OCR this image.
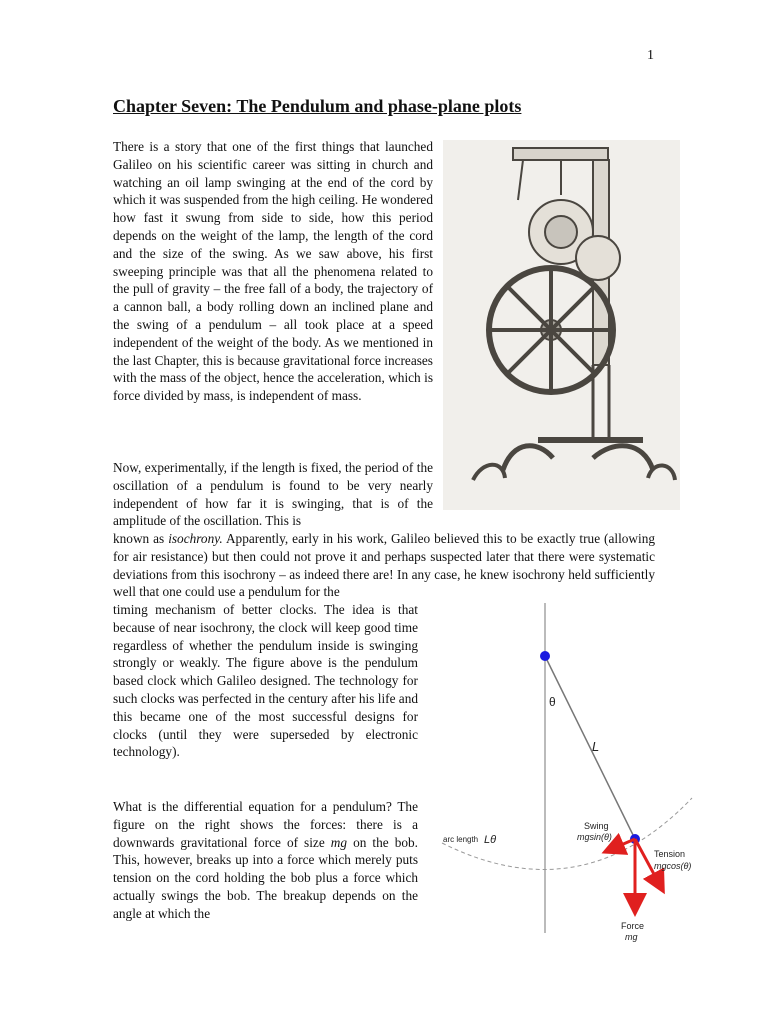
1
Chapter Seven: The Pendulum and phase-plane plots

There is a story that one of the first things that launched Galileo on his scientific career was sitting in church and watching an oil lamp swinging at the end of the cord by which it was suspended from the high ceiling. He wondered how fast it swung from side to side, how this period depends on the weight of the lamp, the length of the cord and the size of the swing. As we saw above, his first sweeping principle was that all the phenomena related to the pull of gravity – the free fall of a body, the trajectory of a cannon ball, a body rolling down an inclined plane and the swing of a pendulum – all took place at a speed independent of the weight of the body. As we mentioned in the last Chapter, this is because gravitational force increases with the mass of the object, hence the acceleration, which is force divided by mass, is independent of mass.

Now, experimentally, if the length is fixed, the period of the oscillation of a pendulum is found to be very nearly independent of how far it is swinging, that is of the amplitude of the oscillation. This is

known as isochrony. Apparently, early in his work, Galileo believed this to be exactly true (allowing for air resistance) but then could not prove it and perhaps suspected later that there were systematic deviations from this isochrony – as indeed there are! In any case, he knew isochrony held sufficiently well that one could use a pendulum for the

timing mechanism of better clocks. The idea is that because of near isochrony, the clock will keep good time regardless of whether the pendulum inside is swinging strongly or weakly. The figure above is the pendulum based clock which Galileo designed. The technology for such clocks was perfected in the century after his life and this became one of the most successful designs for clocks (until they were superseded by electronic technology).

What is the differential equation for a pendulum? The figure on the right shows the forces: there is a downwards gravitational force of size mg on the bob. This, however, breaks up into a force which merely puts tension on the cord holding the bob plus a force which actually swings the bob. The breakup depends on the angle at which the

θ
L
Swing
mgsin(θ)
arc length Lθ
Tension
mgcos(θ)
Force
mg
